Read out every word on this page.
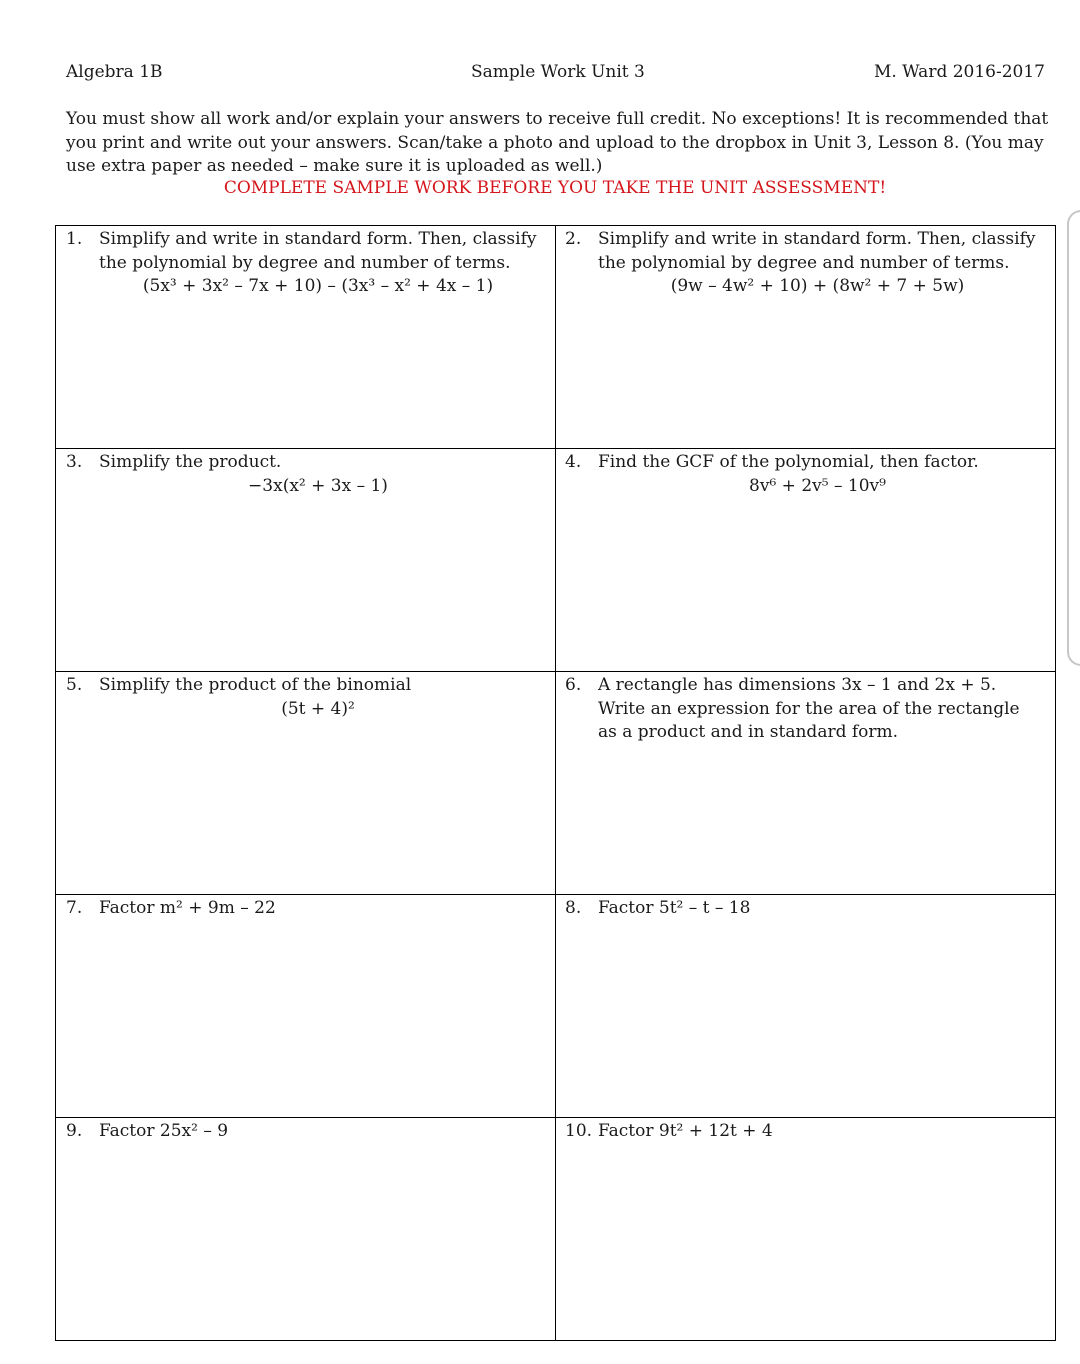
Algebra 1B	Sample Work Unit 3	M. Ward 2016-2017
You must show all work and/or explain your answers to receive full credit. No exceptions! It is recommended that you print and write out your answers. Scan/take a photo and upload to the dropbox in Unit 3, Lesson 8. (You may use extra paper as needed – make sure it is uploaded as well.)
COMPLETE SAMPLE WORK BEFORE YOU TAKE THE UNIT ASSESSMENT!
1. Simplify and write in standard form. Then, classify the polynomial by degree and number of terms.
(5x³ + 3x² – 7x + 10) – (3x³ – x² + 4x – 1)

2. Simplify and write in standard form. Then, classify the polynomial by degree and number of terms.
(9w – 4w² + 10) + (8w² + 7 + 5w)

3. Simplify the product.
−3x(x² + 3x – 1)

4. Find the GCF of the polynomial, then factor.
8v⁶ + 2v⁵ – 10v⁹

5. Simplify the product of the binomial
(5t + 4)²

6. A rectangle has dimensions 3x – 1 and 2x + 5. Write an expression for the area of the rectangle as a product and in standard form.

7. Factor m² + 9m – 22	8. Factor 5t² – t – 18

9. Factor 25x² – 9	10. Factor 9t² + 12t + 4
